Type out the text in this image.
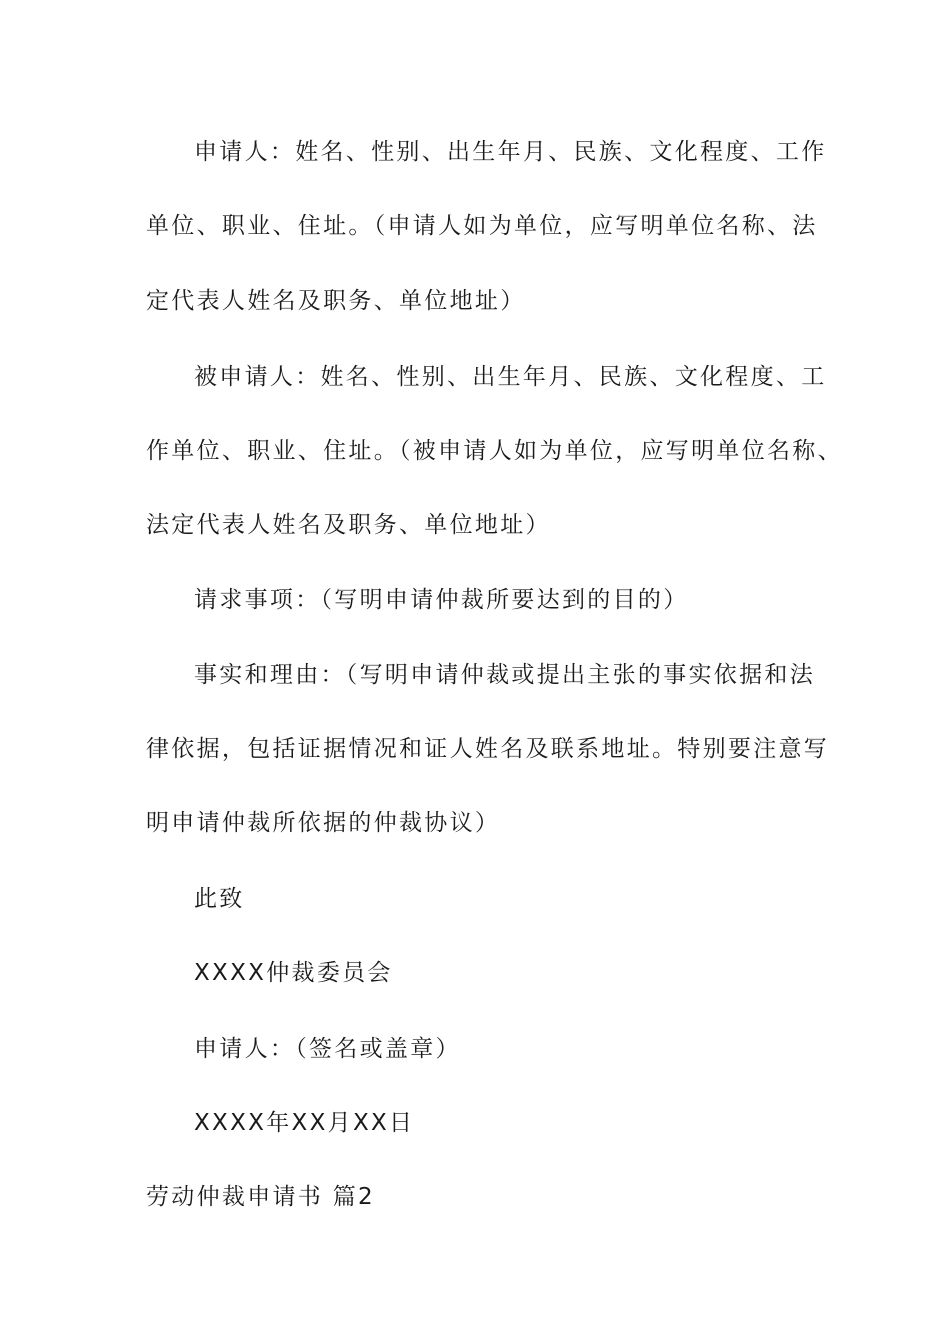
申请人：姓名、性别、出生年月、民族、文化程度、工作

单位、职业、住址。（申请人如为单位，应写明单位名称、法

定代表人姓名及职务、单位地址）

被申请人：姓名、性别、出生年月、民族、文化程度、工

作单位、职业、住址。（被申请人如为单位，应写明单位名称、

法定代表人姓名及职务、单位地址）

请求事项：（写明申请仲裁所要达到的目的）

事实和理由：（写明申请仲裁或提出主张的事实依据和法

律依据，包括证据情况和证人姓名及联系地址。特别要注意写

明申请仲裁所依据的仲裁协议）

此致

XXXX仲裁委员会

申请人：（签名或盖章）

XXXX年XX月XX日

劳动仲裁申请书 篇2
